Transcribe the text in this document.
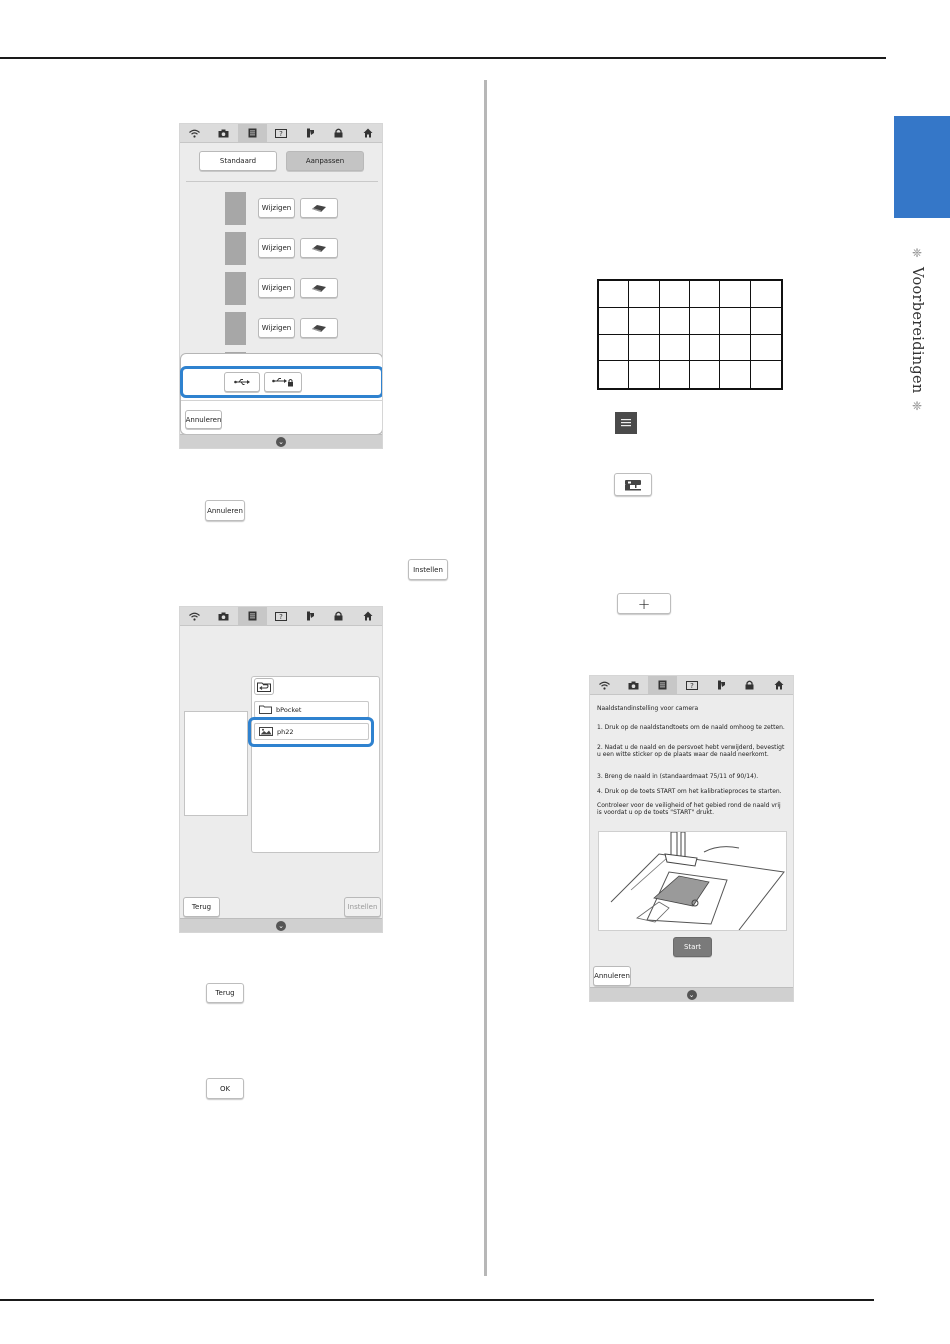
❈
Voorbereidingen
❈
?
Standaard	Aanpassen
Wijzigen
Wijzigen
Wijzigen
Wijzigen
Annuleren
⌄
Annuleren
Instellen
?
bPocket
ph22
Terug	Instellen
⌄
Terug
OK
+
?
Naaldstandinstelling voor camera
1. Druk op de naaldstandtoets om de naald omhoog te zetten.
2. Nadat u de naald en de persvoet hebt verwijderd, bevestigt u een witte sticker op de plaats waar de naald neerkomt.
3. Breng de naald in (standaardmaat 75/11 of 90/14).
4. Druk op de toets START om het kalibratieproces te starten.
Controleer voor de veiligheid of het gebied rond de naald vrij is voordat u op de toets "START" drukt.
Start
Annuleren
⌄
